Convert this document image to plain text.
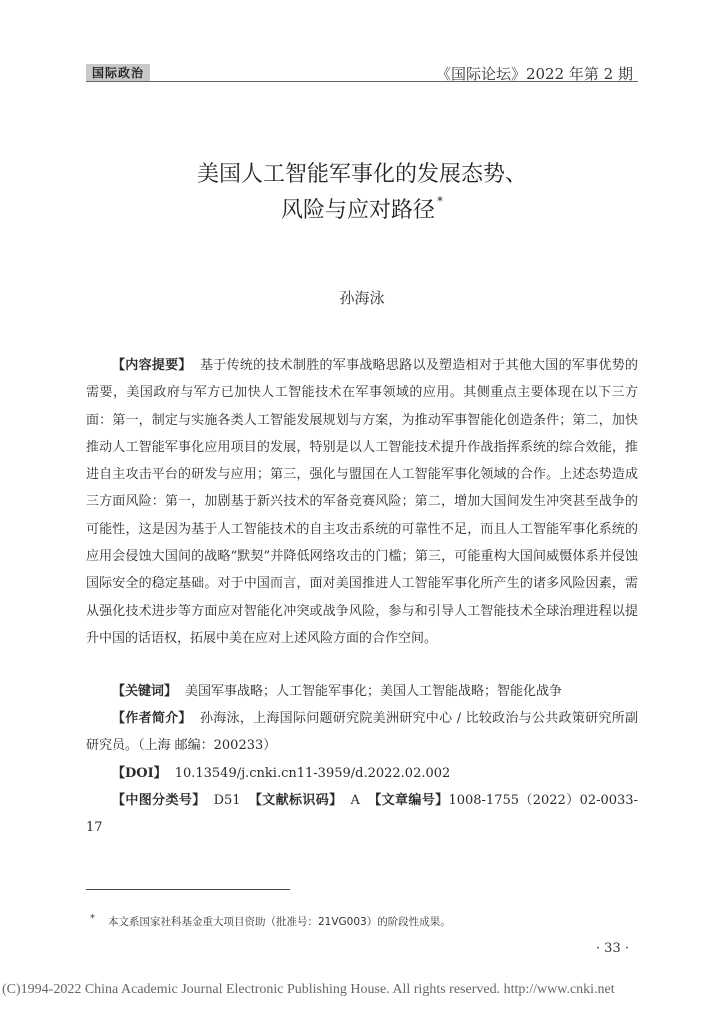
国际政治	《国际论坛》2022 年第 2 期
美国人工智能军事化的发展态势、
风险与应对路径 *
孙海泳

【内容提要】 基于传统的技术制胜的军事战略思路以及塑造相对于其他大国的军事优势的需要，美国政府与军方已加快人工智能技术在军事领域的应用。其侧重点主要体现在以下三方面：第一，制定与实施各类人工智能发展规划与方案，为推动军事智能化创造条件；第二，加快推动人工智能军事化应用项目的发展，特别是以人工智能技术提升作战指挥系统的综合效能，推进自主攻击平台的研发与应用；第三，强化与盟国在人工智能军事化领域的合作。上述态势造成三方面风险：第一，加剧基于新兴技术的军备竞赛风险；第二，增加大国间发生冲突甚至战争的可能性，这是因为基于人工智能技术的自主攻击系统的可靠性不足，而且人工智能军事化系统的应用会侵蚀大国间的战略“默契”并降低网络攻击的门槛；第三，可能重构大国间威慑体系并侵蚀国际安全的稳定基础。对于中国而言，面对美国推进人工智能军事化所产生的诸多风险因素，需从强化技术进步等方面应对智能化冲突或战争风险，参与和引导人工智能技术全球治理进程以提升中国的话语权，拓展中美在应对上述风险方面的合作空间。

【关键词】 美国军事战略；人工智能军事化；美国人工智能战略；智能化战争

【作者简介】 孙海泳，上海国际问题研究院美洲研究中心 / 比较政治与公共政策研究所副研究员。（上海 邮编：200233）

【DOI】 10.13549/j.cnki.cn11-3959/d.2022.02.002

【中图分类号】 D51 【文献标识码】 A 【文章编号】1008-1755（2022）02-0033-17

* 本文系国家社科基金重大项目资助（批准号：21VG003）的阶段性成果。
· 33 ·
(C)1994-2022 China Academic Journal Electronic Publishing House. All rights reserved. http://www.cnki.net
